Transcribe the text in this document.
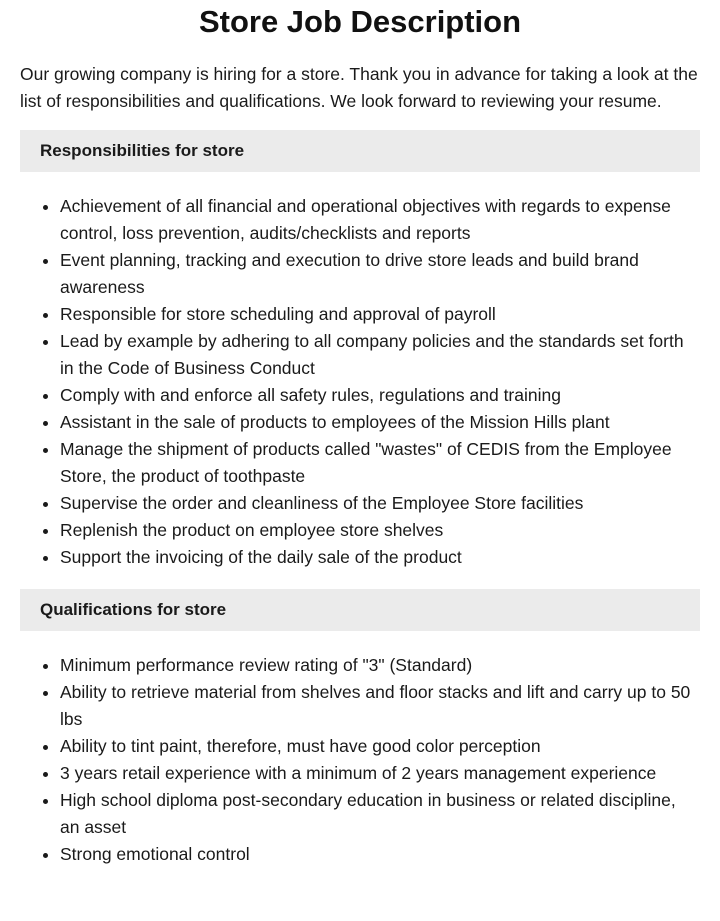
Store Job Description

Our growing company is hiring for a store. Thank you in advance for taking a look at the list of responsibilities and qualifications. We look forward to reviewing your resume.

Responsibilities for store
• Achievement of all financial and operational objectives with regards to expense control, loss prevention, audits/checklists and reports
• Event planning, tracking and execution to drive store leads and build brand awareness
• Responsible for store scheduling and approval of payroll
• Lead by example by adhering to all company policies and the standards set forth in the Code of Business Conduct
• Comply with and enforce all safety rules, regulations and training
• Assistant in the sale of products to employees of the Mission Hills plant
• Manage the shipment of products called "wastes" of CEDIS from the Employee Store, the product of toothpaste
• Supervise the order and cleanliness of the Employee Store facilities
• Replenish the product on employee store shelves
• Support the invoicing of the daily sale of the product
Qualifications for store
• Minimum performance review rating of "3" (Standard)
• Ability to retrieve material from shelves and floor stacks and lift and carry up to 50 lbs
• Ability to tint paint, therefore, must have good color perception
• 3 years retail experience with a minimum of 2 years management experience
• High school diploma post-secondary education in business or related discipline, an asset
• Strong emotional control
